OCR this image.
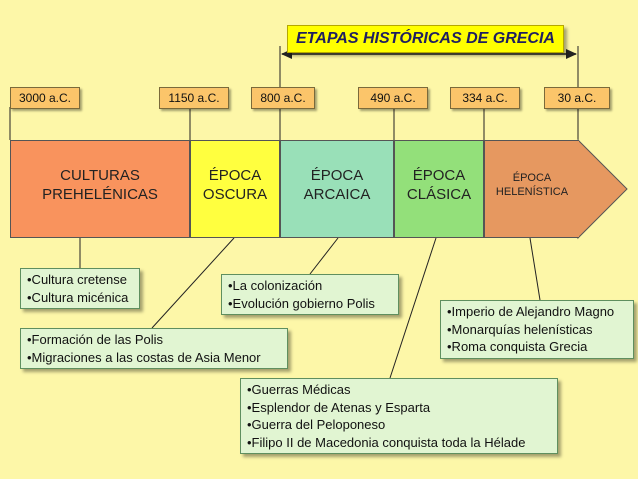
ETAPAS HISTÓRICAS DE GRECIA
3000 a.C.	1150 a.C.	800 a.C.	490 a.C.	334 a.C.	30 a.C.
CULTURAS
PREHELÉNICAS
ÉPOCA
OSCURA
ÉPOCA
ARCAICA
ÉPOCA
CLÁSICA
ÉPOCA
HELENÍSTICA
•Cultura cretense
•Cultura micénica
•Formación de las Polis
•Migraciones a las costas de Asia Menor
•La colonización
•Evolución gobierno Polis
•Guerras Médicas
•Esplendor de Atenas y Esparta
•Guerra del Peloponeso
•Filipo II de Macedonia conquista toda la Hélade
•Imperio de Alejandro Magno
•Monarquías helenísticas
•Roma conquista Grecia
